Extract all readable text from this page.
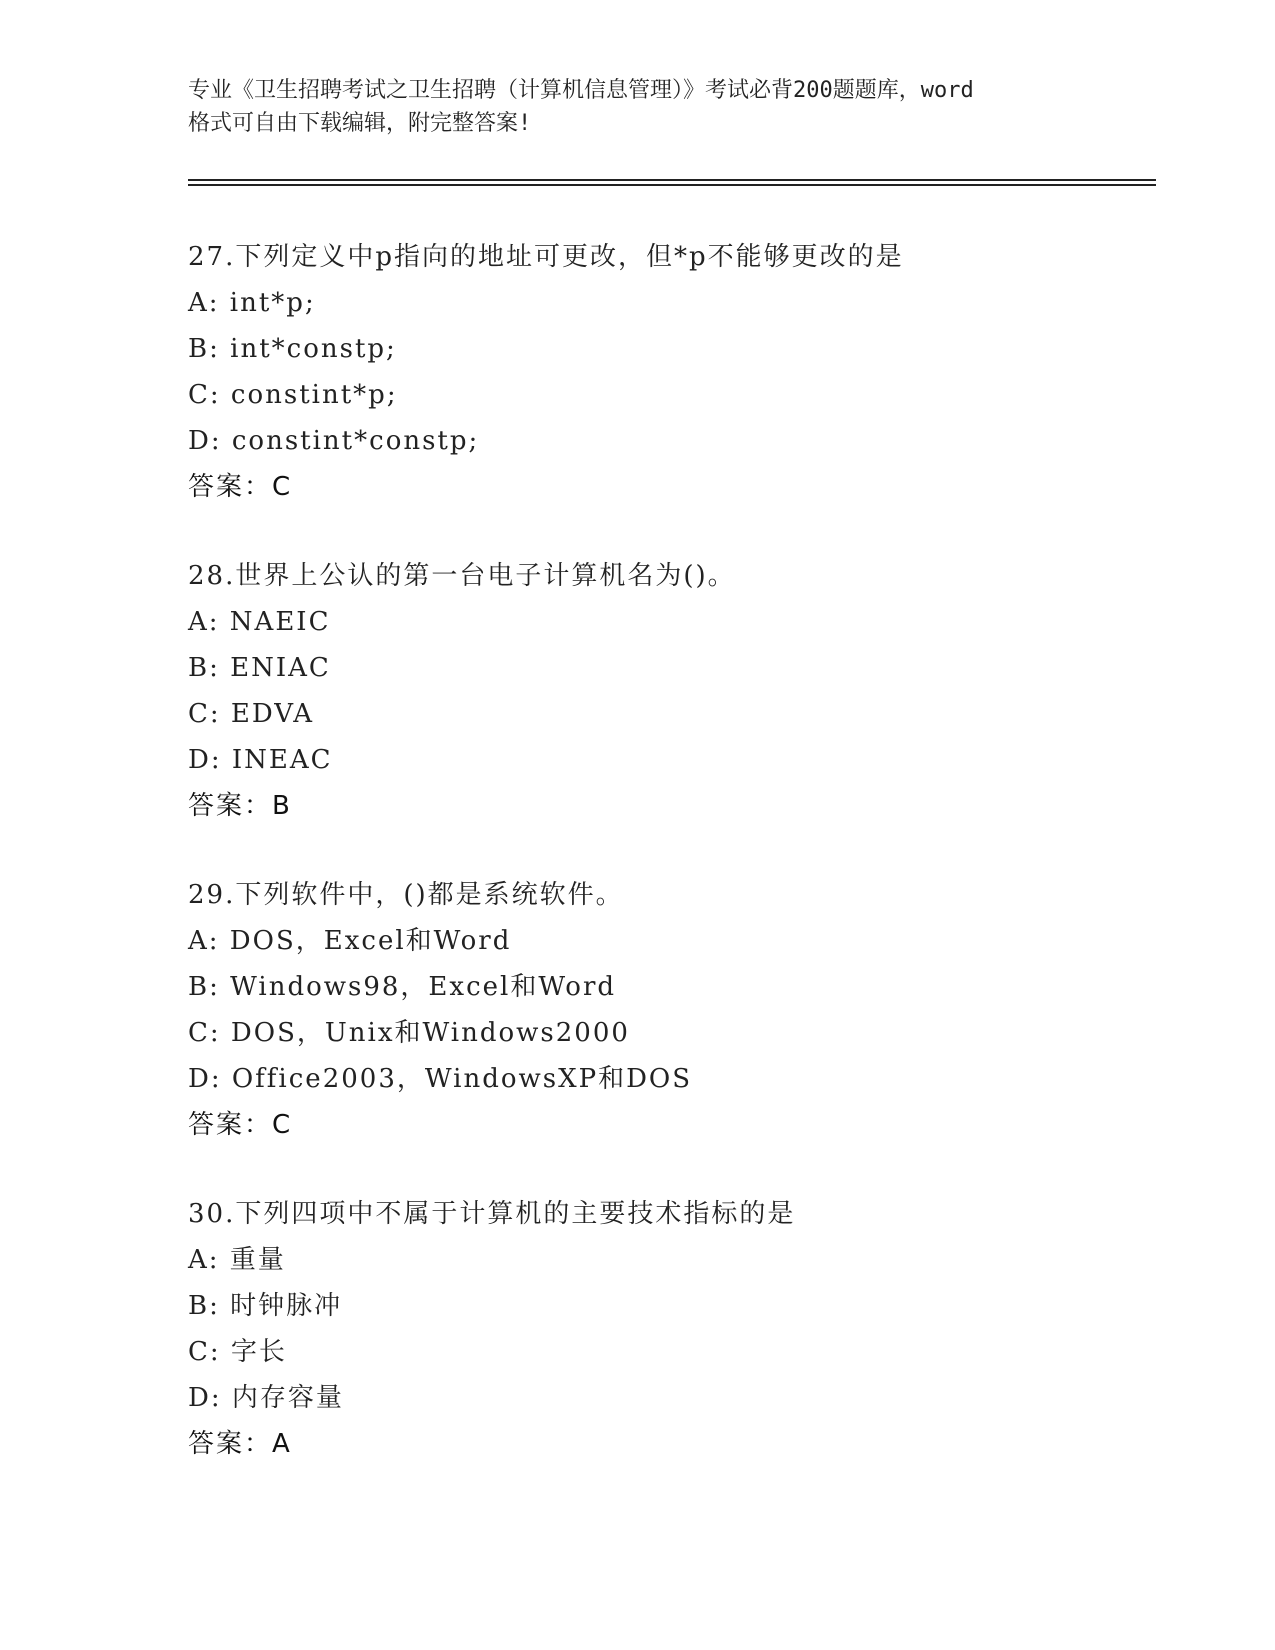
专业《卫生招聘考试之卫生招聘（计算机信息管理）》考试必背200题题库，word
格式可自由下载编辑，附完整答案!
27.下列定义中p指向的地址可更改，但*p不能够更改的是
A: int*p;
B: int*constp;
C: constint*p;
D: constint*constp;
答案：C
28.世界上公认的第一台电子计算机名为()。
A: NAEIC
B: ENIAC
C: EDVA
D: INEAC
答案：B
29.下列软件中，()都是系统软件。
A: DOS，Excel和Word
B: Windows98，Excel和Word
C: DOS，Unix和Windows2000
D: Office2003，WindowsXP和DOS
答案：C
30.下列四项中不属于计算机的主要技术指标的是
A: 重量
B: 时钟脉冲
C: 字长
D: 内存容量
答案：A
